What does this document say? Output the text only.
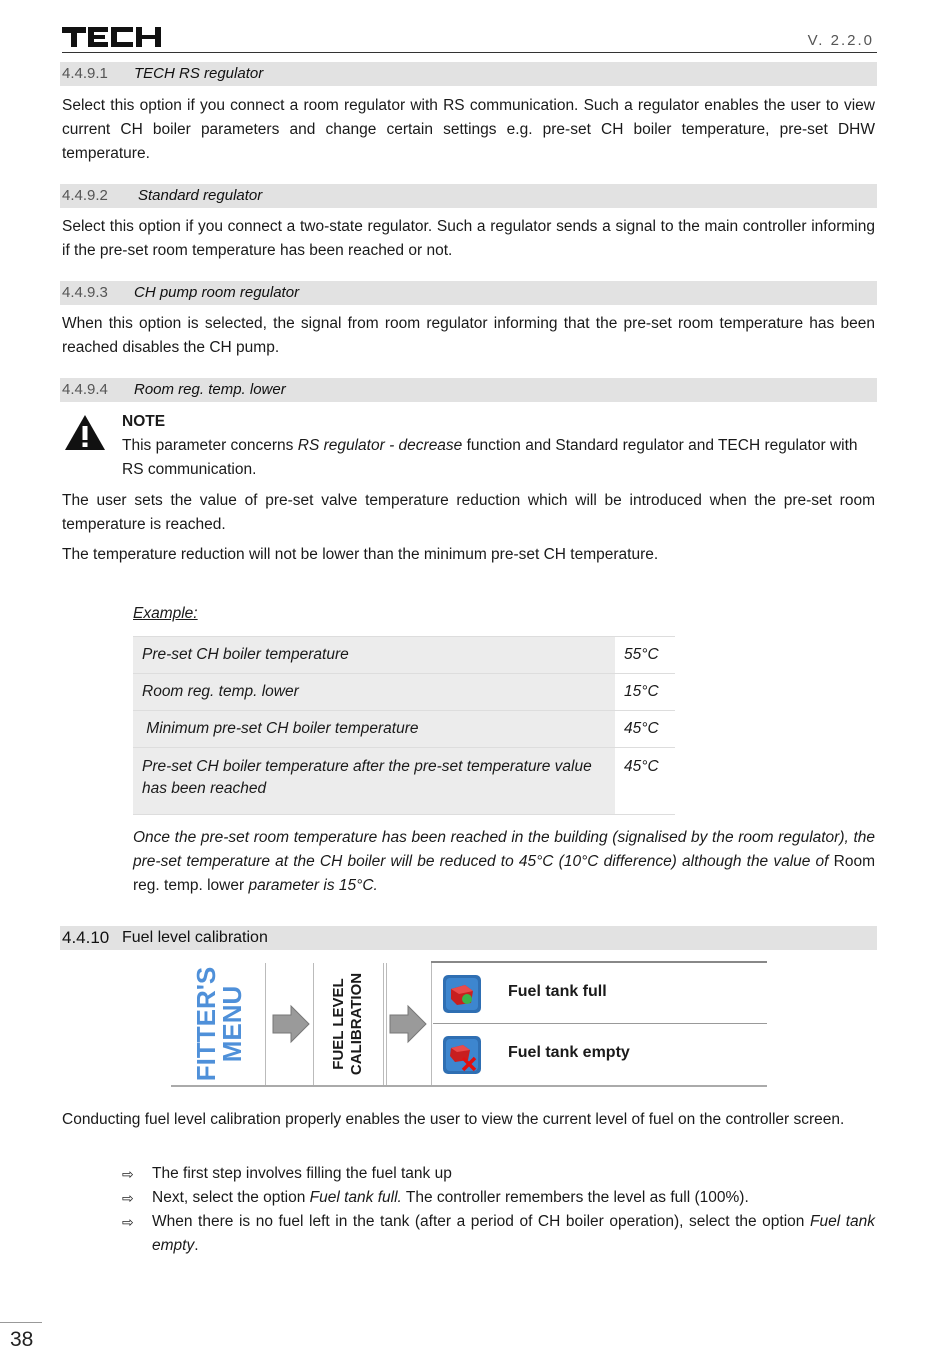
V. 2.2.0
4.4.9.1 TECH RS regulator
Select this option if you connect a room regulator with RS communication. Such a regulator enables the user to view current CH boiler parameters and change certain settings e.g. pre-set CH boiler temperature, pre-set DHW temperature.
4.4.9.2 Standard regulator
Select this option if you connect a two-state regulator. Such a regulator sends a signal to the main controller informing if the pre-set room temperature has been reached or not.
4.4.9.3 CH pump room regulator
When this option is selected, the signal from room regulator informing that the pre-set room temperature has been reached disables the CH pump.
4.4.9.4 Room reg. temp. lower
NOTE
This parameter concerns RS regulator - decrease function and Standard regulator and TECH regulator with RS communication.
The user sets the value of pre-set valve temperature reduction which will be introduced when the pre-set room temperature is reached.
The temperature reduction will not be lower than the minimum pre-set CH temperature.
Example:
Pre-set CH boiler temperature	55°C
Room reg. temp. lower	15°C
Minimum pre-set CH boiler temperature	45°C
Pre-set CH boiler temperature after the pre-set temperature value has been reached	45°C
Once the pre-set room temperature has been reached in the building (signalised by the room regulator), the pre-set temperature at the CH boiler will be reduced to 45°C (10°C difference) although the value of Room reg. temp. lower parameter is 15°C.
4.4.10 Fuel level calibration
FITTER'S
MENU	FUEL LEVEL CALIBRATION	Fuel tank full
Fuel tank empty
Conducting fuel level calibration properly enables the user to view the current level of fuel on the controller screen.
⇨ The first step involves filling the fuel tank up
⇨ Next, select the option Fuel tank full. The controller remembers the level as full (100%).
⇨ When there is no fuel left in the tank (after a period of CH boiler operation), select the option Fuel tank empty.
38
